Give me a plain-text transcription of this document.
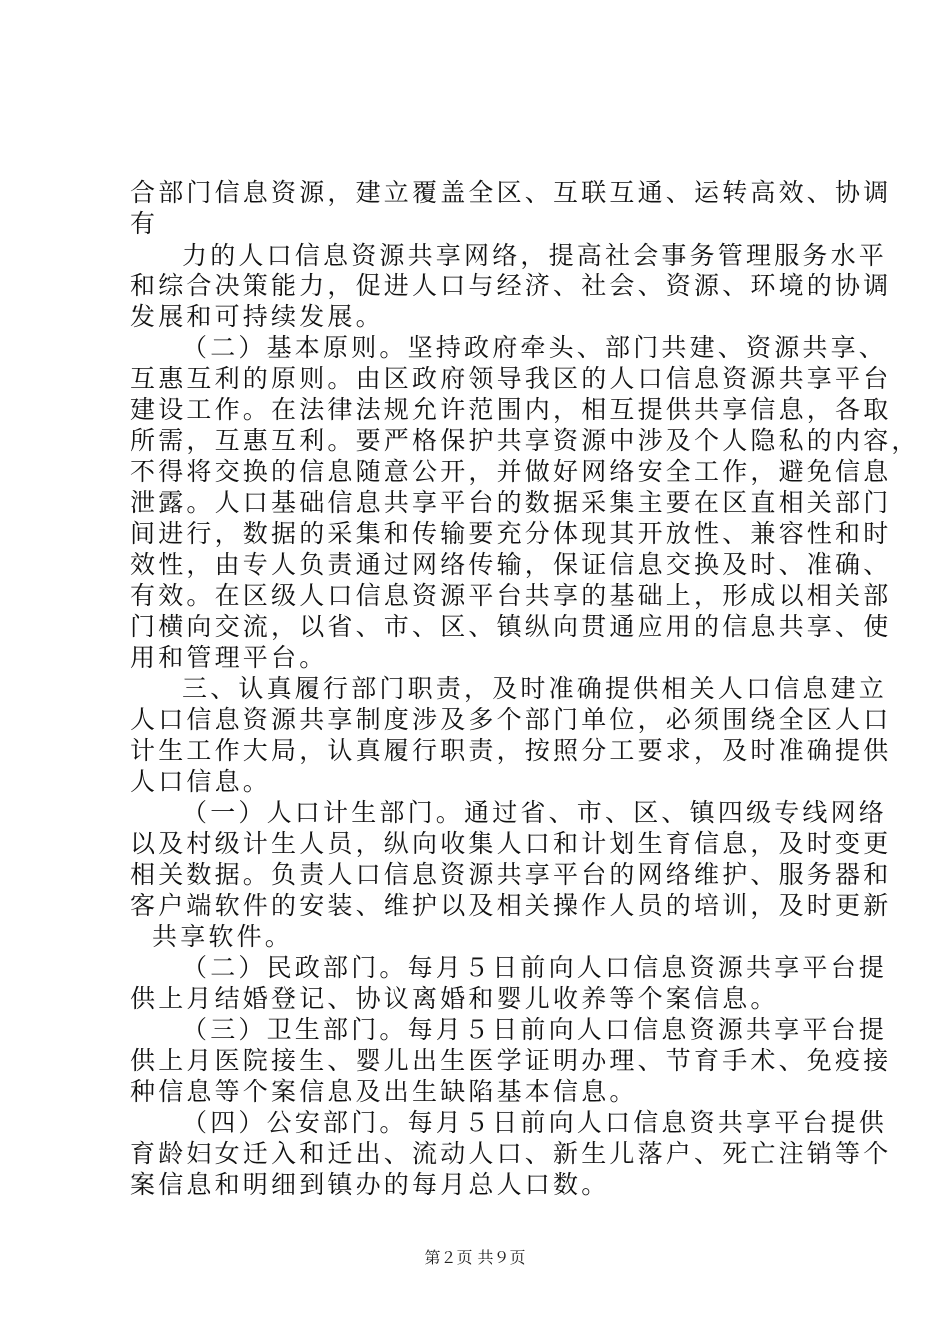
合部门信息资源，建立覆盖全区、互联互通、运转高效、协调
有
力的人口信息资源共享网络，提高社会事务管理服务水平
和综合决策能力，促进人口与经济、社会、资源、环境的协调
发展和可持续发展。
（二）基本原则。坚持政府牵头、部门共建、资源共享、
互惠互利的原则。由区政府领导我区的人口信息资源共享平台
建设工作。在法律法规允许范围内，相互提供共享信息，各取
所需，互惠互利。要严格保护共享资源中涉及个人隐私的内容，
不得将交换的信息随意公开，并做好网络安全工作，避免信息
泄露。人口基础信息共享平台的数据采集主要在区直相关部门
间进行，数据的采集和传输要充分体现其开放性、兼容性和时
效性，由专人负责通过网络传输，保证信息交换及时、准确、
有效。在区级人口信息资源平台共享的基础上，形成以相关部
门横向交流，以省、市、区、镇纵向贯通应用的信息共享、使
用和管理平台。
三、认真履行部门职责，及时准确提供相关人口信息建立
人口信息资源共享制度涉及多个部门单位，必须围绕全区人口
计生工作大局，认真履行职责，按照分工要求，及时准确提供
人口信息。
（一）人口计生部门。通过省、市、区、镇四级专线网络
以及村级计生人员，纵向收集人口和计划生育信息，及时变更
相关数据。负责人口信息资源共享平台的网络维护、服务器和
客户端软件的安装、维护以及相关操作人员的培训，及时更新
共享软件。
（二）民政部门。每月５日前向人口信息资源共享平台提
供上月结婚登记、协议离婚和婴儿收养等个案信息。
（三）卫生部门。每月５日前向人口信息资源共享平台提
供上月医院接生、婴儿出生医学证明办理、节育手术、免疫接
种信息等个案信息及出生缺陷基本信息。
（四）公安部门。每月５日前向人口信息资共享平台提供
育龄妇女迁入和迁出、流动人口、新生儿落户、死亡注销等个
案信息和明细到镇办的每月总人口数。
第２页 共９页
